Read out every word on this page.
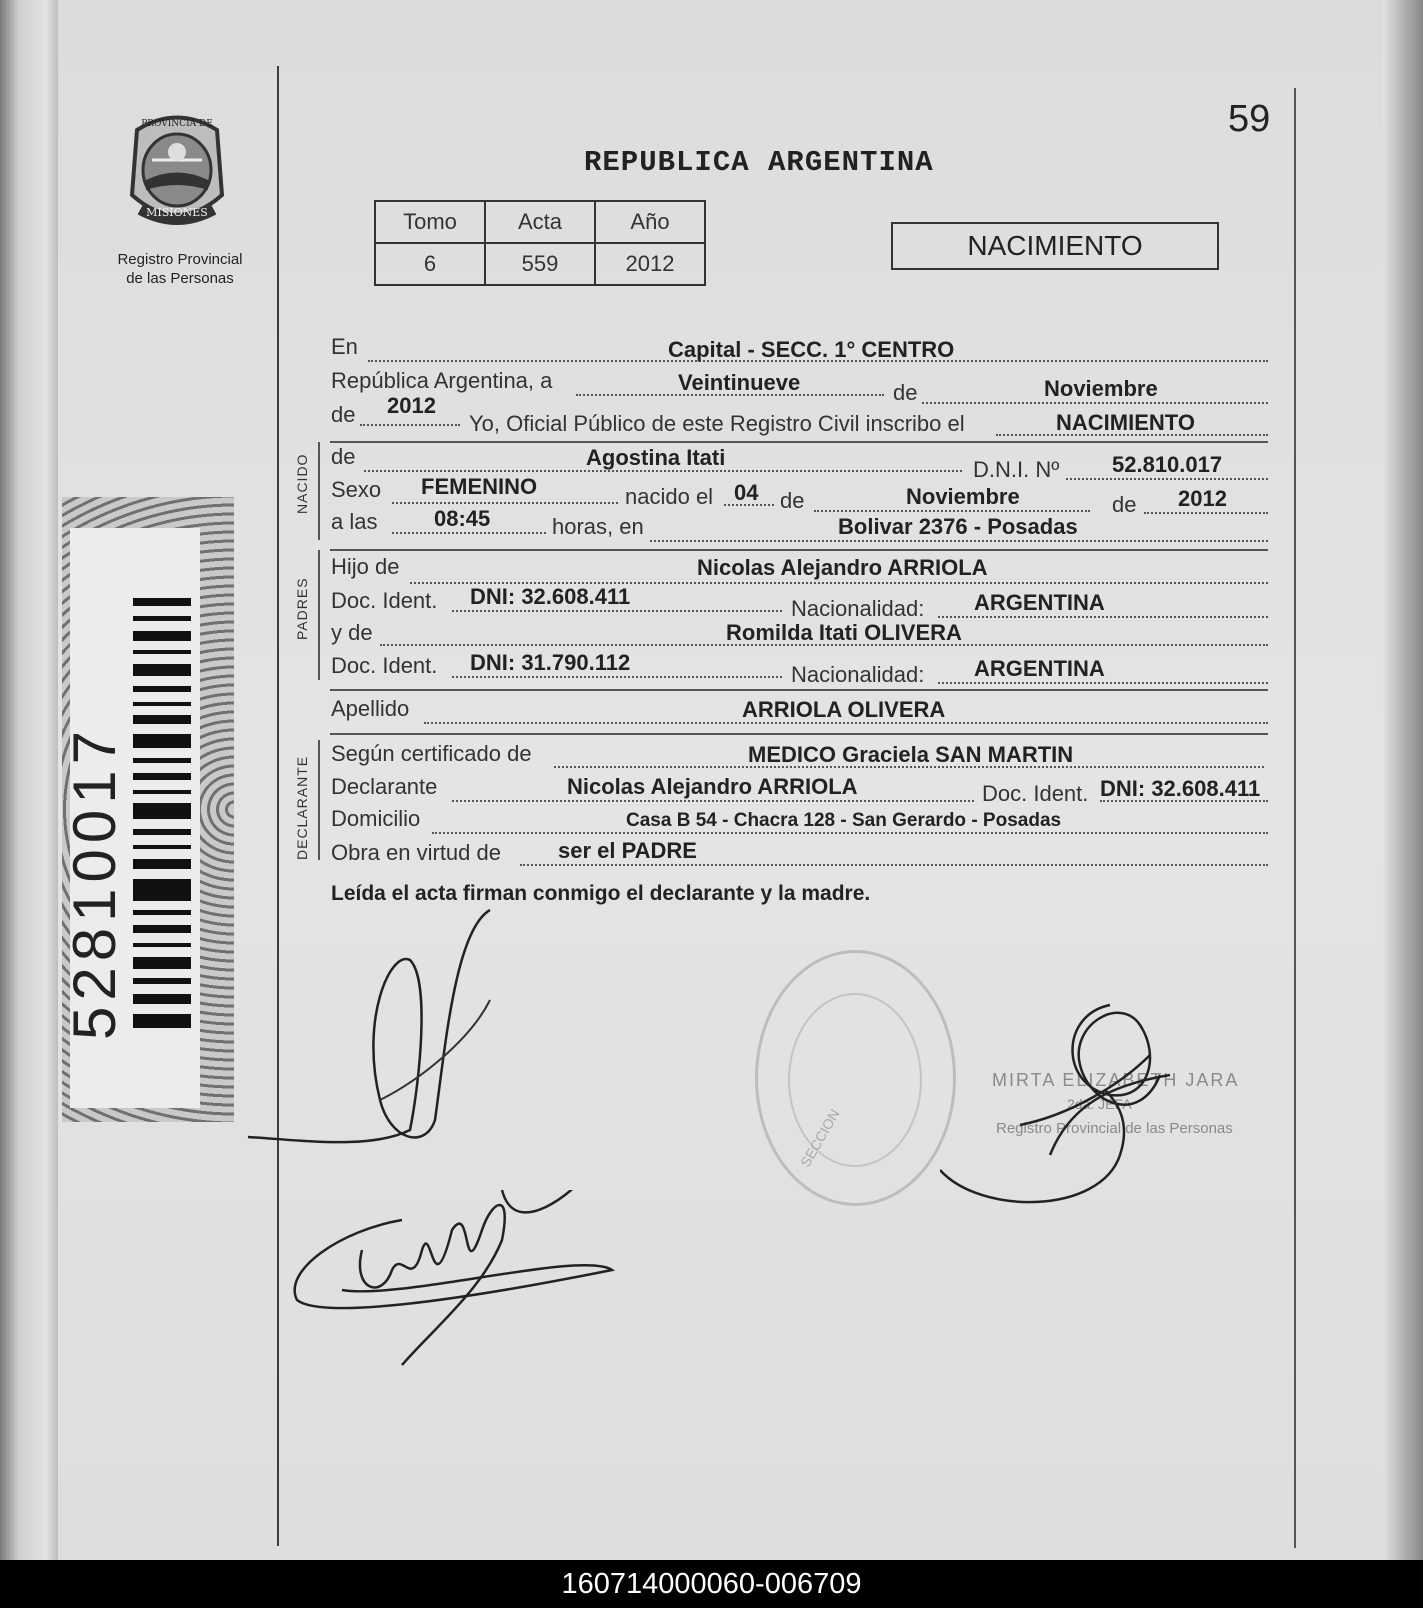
MISIONES
PROVINCIA DE
Registro Provincial
de las Personas
52810017
59
REPUBLICA ARGENTINA
Tomo	Acta	Año
6	559	2012
NACIMIENTO
En	Capital - SECC. 1° CENTRO
República Argentina, a	Veintinueve	de	Noviembre
de 2012
Yo, Oficial Público de este Registro Civil inscribo el	NACIMIENTO
NACIDO de	Agostina Itati	D.N.I. Nº 52.810.017
Sexo FEMENINO	nacido el 04 de	Noviembre	de 2012
a las	08:45	horas, en	Bolivar 2376 - Posadas
PADRES
Hijo de	Nicolas Alejandro ARRIOLA
Doc. Ident. DNI: 32.608.411	Nacionalidad: ARGENTINA
y de	Romilda Itati OLIVERA
Doc. Ident. DNI: 31.790.112	Nacionalidad: ARGENTINA
Apellido	ARRIOLA OLIVERA
DECLARANTE
Según certificado de	MEDICO Graciela SAN MARTIN
Declarante	Nicolas Alejandro ARRIOLA	Doc. Ident. DNI: 32.608.411
Domicilio	Casa B 54 - Chacra 128 - San Gerardo - Posadas
Obra en virtud de	ser el PADRE
Leída el acta firman conmigo el declarante y la madre.
SECCION
MIRTA ELIZABETH JARA
2da. JEFA
Registro Provincial de las Personas
160714000060-006709
